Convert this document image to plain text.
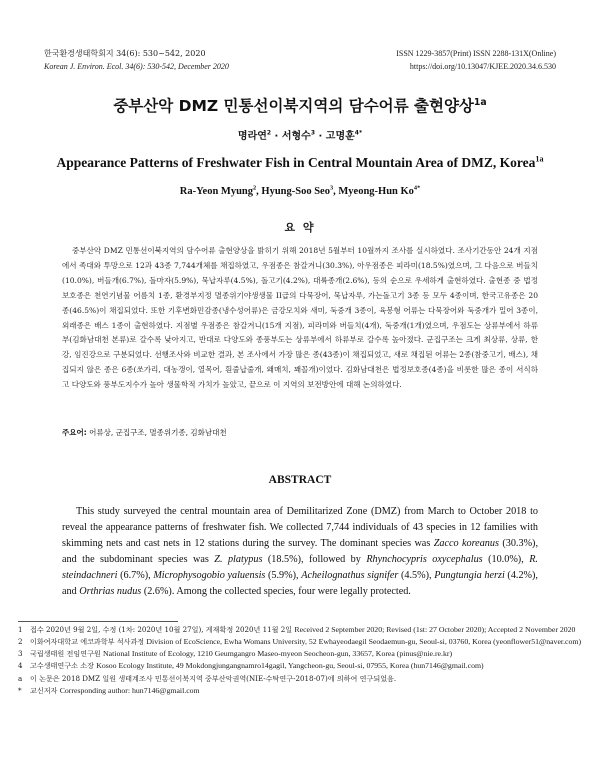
한국환경생태학회지 34(6): 530~542, 2020
Korean J. Environ. Ecol. 34(6): 530-542, December 2020
ISSN 1229-3857(Print) ISSN 2288-131X(Online)
https://doi.org/10.13047/KJEE.2020.34.6.530
중부산악 DMZ 민통선이북지역의 담수어류 출현양상$^{1a}$
명라연$^2$ · 서형수$^3$ · 고명훈$^{4*}$
Appearance Patterns of Freshwater Fish in Central Mountain Area of DMZ, Korea$^{1a}$
Ra-Yeon Myung$^2$, Hyung-Soo Seo$^3$, Myeong-Hun $Ko^{4*}$
요 약
중부산악 DMZ 민통선이북지역의 담수어류 출현양상을 밝히기 위해 2018년 5월부터 10월까지 조사를 실시하였다. 조사기간동안 24개 지점에서 족대와 투망으로 12과 43종 7,744개체를 채집하였고, 우점종은 참갈겨니(30.3%), 아우점종은 피라미(18.5%)였으며, 그 다음으로 버들치(10.0%), 버들개(6.7%), 돌마자(5.9%), 묵납자루(4.5%), 돌고기(4.2%), 대륙종개(2.6%), 등의 순으로 우세하게 출현하였다. 출현종 중 법정보호종은 천연기념물 어름치 1종, 환경부지정 멸종위기야생생물 II급의 다묵장어, 묵납자루, 가는돌고기 3종 등 모두 4종이며, 한국고유종은 20종(46.5%)이 채집되었다. 또한 기후변화민감종(냉수성어류)은 금강모치와 새미, 둑중개 3종이, 육봉형 어류는 다묵장어와 둑중개가 밀어 3종이, 외래종은 배스 1종이 출현하였다. 지점별 우점종은 참갈겨니(15개 지점), 피라미와 버들치(4개), 둑중개(1개)였으며, 우점도는 상류부에서 하류부(김화남대천 본류)로 갈수록 낮아지고, 반대로 다양도와 종풍부도는 상류부에서 하류부로 갈수록 높아졌다. 군집구조는 크게 최상류, 상류, 한강, 임진강으로 구분되었다. 선행조사와 비교한 결과, 본 조사에서 가장 많은 종(43종)이 채집되었고, 새로 채집된 어류는 2종(참중고기, 배스), 채집되지 않은 종은 6종(쏘가리, 대농갱이, 열목어, 흰줄납줄개, 왜매치, 꽤꼴개)이었다. 김화남대천은 법정보호종(4종)을 비롯한 많은 종이 서식하고 다양도와 풍부도지수가 높아 생물학적 가치가 높았고, 끝으로 이 지역의 보전방안에 대해 논의하였다.
주요어: 어류상, 군집구조, 멸종위기종, 김화남대천
ABSTRACT
This study surveyed the central mountain area of Demilitarized Zone (DMZ) from March to October 2018 to reveal the appearance patterns of freshwater fish. We collected 7,744 individuals of 43 species in 12 families with skimming nets and cast nets in 12 stations during the survey. The dominant species was Zacco koreanus (30.3%), and the subdominant species was Z. platypus (18.5%), followed by Rhynchocypris oxycephalus (10.0%), R. steindachneri (6.7%), Microphysogobio yaluensis (5.9%), Acheilognathus signifer (4.5%), Pungtungia herzi (4.2%), and Orthrias nudus (2.6%). Among the collected species, four were legally protected.
1	접수 2020년 9월 2일, 수정 (1차: 2020년 10월 27일), 게재확정 2020년 11월 2일 Received 2 September 2020; Revised (1st: 27 October 2020); Accepted 2 November 2020
2	이화여자대학교 에코과학부 석사과정 Division of EcoScience, Ewha Womans University, 52 Ewhayeodaegil Seodaemun-gu, Seoul-si, 03760, Korea (yeonflower51@naver.com)
3	국립생태원 전임연구원 National Institute of Ecology, 1210 Geumgangro Maseo-myeon Seocheon-gun, 33657, Korea (pinus@nie.re.kr)
4	고수생태연구소 소장 Kosoo Ecology Institute, 49 Mokdongjungangnamro14gagil, Yangcheon-gu, Seoul-si, 07955, Korea (hun7146@gmail.com)
a	이 논문은 2018 DMZ 일원 생태계조사 민통선이북지역 중부산악권역(NIE-수탁연구-2018-07)에 의하여 연구되었음.
*	교신저자 Corresponding author: hun7146@gmail.com
